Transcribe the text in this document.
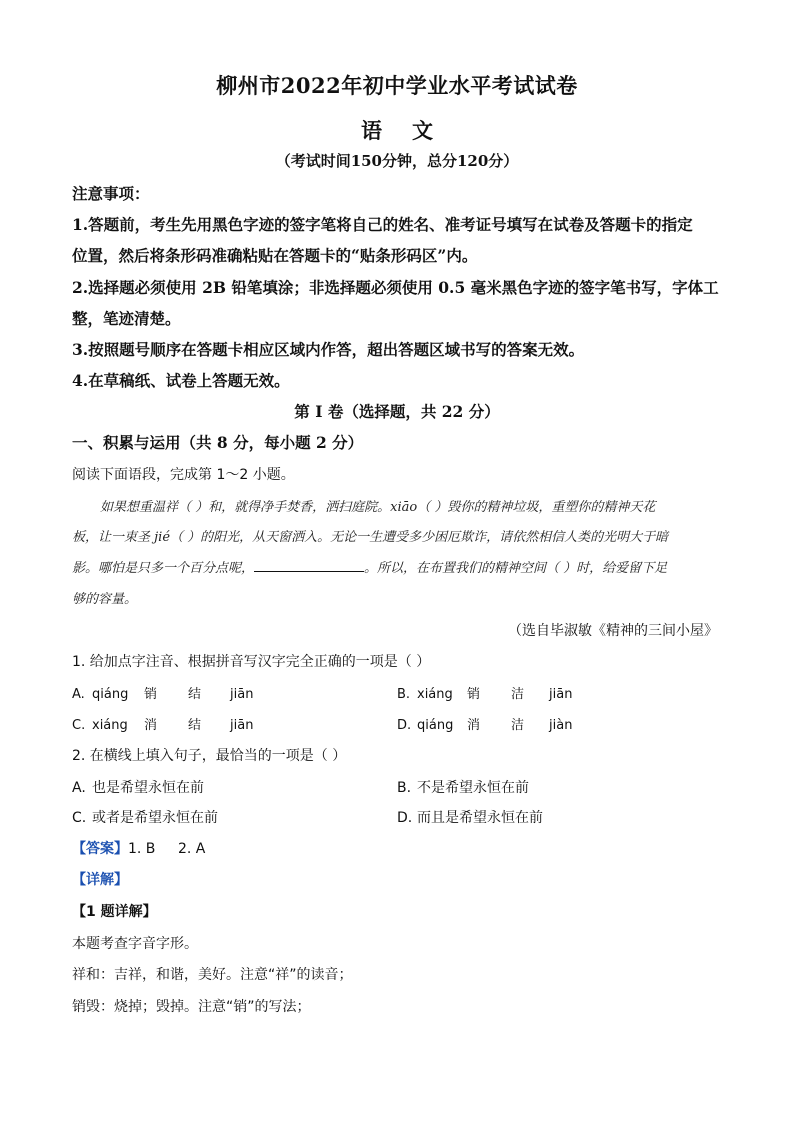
柳州市2022年初中学业水平考试试卷
语 文
（考试时间150分钟，总分120分）
注意事项：
1.答题前，考生先用黑色字迹的签字笔将自己的姓名、准考证号填写在试卷及答题卡的指定
位置，然后将条形码准确粘贴在答题卡的“贴条形码区”内。
2.选择题必须使用 2B 铅笔填涂；非选择题必须使用 0.5 毫米黑色字迹的签字笔书写，字体工
整，笔迹清楚。
3.按照题号顺序在答题卡相应区域内作答，超出答题区域书写的答案无效。
4.在草稿纸、试卷上答题无效。
第 I 卷（选择题，共 22 分）
一、积累与运用（共 8 分，每小题 2 分）
阅读下面语段，完成第 1～2 小题。
如果想重温祥（ ）和，就得净手焚香，洒扫庭院。xiāo（ ）毁你的精神垃圾，重塑你的精神天花
板，让一束圣 jié（ ）的阳光，从天窗洒入。无论一生遭受多少困厄欺诈，请依然相信人类的光明大于暗
影。哪怕是只多一个百分点呢，	。所以，在布置我们的精神空间（ ）时，给爱留下足
够的容量。
（选自毕淑敏《精神的三间小屋》
1. 给加点字注音、根据拼音写汉字完全正确的一项是（ ）
A. qiáng 销 结 jiān	B. xiáng 销 洁 jiān
C. xiáng 消 结 jiān	D. qiáng 消 洁 jiàn
2. 在横线上填入句子，最恰当的一项是（ ）
A. 也是希望永恒在前	B. 不是希望永恒在前
C. 或者是希望永恒在前	D. 而且是希望永恒在前
【答案】1. B 2. A
【详解】
【1 题详解】
本题考查字音字形。
祥和：吉祥，和谐，美好。注意“祥”的读音；
销毁：烧掉；毁掉。注意“销”的写法；
